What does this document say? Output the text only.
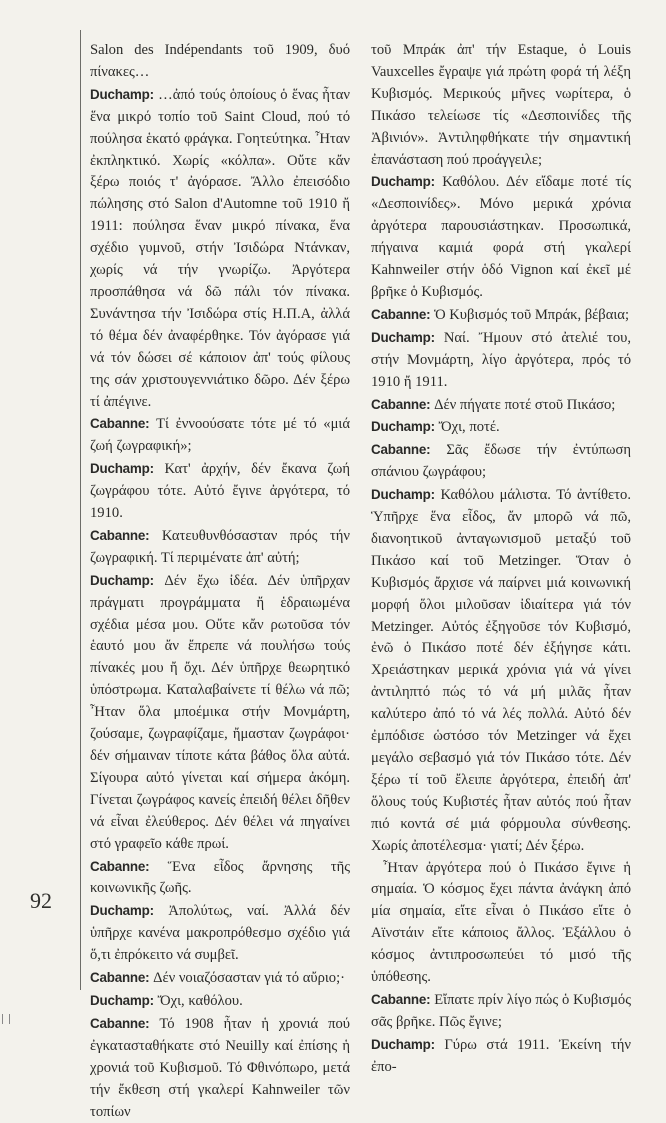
Salon des Indépendants τοῦ 1909, δυό πίνακες…

Duchamp: …ἀπό τούς ὁποίους ὁ ἕνας ἦταν ἕνα μικρό τοπίο τοῦ Saint Cloud, πού τό πούλησα ἑκατό φράγκα. Γοητεύτηκα. Ἦταν ἐκπληκτικό. Χωρίς «κόλπα». Οὔτε κἄν ξέρω ποιός τ' ἀγόρασε. Ἄλλο ἐπεισόδιο πώλησης στό Salon d'Automne τοῦ 1910 ἤ 1911: πούλησα ἕναν μικρό πίνακα, ἕνα σχέδιο γυμνοῦ, στήν Ἰσιδώρα Ντάνκαν, χωρίς νά τήν γνωρίζω. Ἀργότερα προσπάθησα νά δῶ πάλι τόν πίνακα. Συνάντησα τήν Ἰσιδώρα στίς Η.Π.Α, ἀλλά τό θέμα δέν ἀναφέρθηκε. Τόν ἀγόρασε γιά νά τόν δώσει σέ κάποιον ἀπ' τούς φίλους της σάν χριστουγεννιάτικο δῶρο. Δέν ξέρω τί ἀπέγινε.

Cabanne: Τί ἐννοούσατε τότε μέ τό «μιά ζωή ζωγραφική»;

Duchamp: Κατ' ἀρχήν, δέν ἔκανα ζωή ζωγράφου τότε. Αὐτό ἔγινε ἀργότερα, τό 1910.

Cabanne: Κατευθυνθόσασταν πρός τήν ζωγραφική. Τί περιμένατε ἀπ' αὐτή;

Duchamp: Δέν ἔχω ἰδέα. Δέν ὑπῆρχαν πράγματι προγράμματα ἤ ἑδραιωμένα σχέδια μέσα μου. Οὔτε κἄν ρωτοῦσα τόν ἑαυτό μου ἄν ἔπρεπε νά πουλήσω τούς πίνακές μου ἤ ὄχι. Δέν ὑπῆρχε θεωρητικό ὑπόστρωμα. Καταλαβαίνετε τί θέλω νά πῶ; Ἦταν ὅλα μποέμικα στήν Μονμάρτη, ζούσαμε, ζωγραφίζαμε, ἤμασταν ζωγράφοι· δέν σήμαιναν τίποτε κάτα βάθος ὅλα αὐτά. Σίγουρα αὐτό γίνεται καί σήμερα ἀκόμη. Γίνεται ζωγράφος κανείς ἐπειδή θέλει δῆθεν νά εἶναι ἐλεύθερος. Δέν θέλει νά πηγαίνει στό γραφεῖο κάθε πρωί.

Cabanne: Ἕνα εἶδος ἄρνησης τῆς κοινωνικῆς ζωῆς.

Duchamp: Ἀπολύτως, ναί. Ἀλλά δέν ὑπῆρχε κανένα μακροπρόθεσμο σχέδιο γιά ὅ,τι ἐπρόκειτο νά συμβεῖ.

Cabanne: Δέν νοιαζόσασταν γιά τό αὔριο;·

Duchamp: Ὄχι, καθόλου.

Cabanne: Τό 1908 ἦταν ἡ χρονιά πού ἐγκατασταθήκατε στό Neuilly καί ἐπίσης ἡ χρονιά τοῦ Κυβισμοῦ. Τό Φθινόπωρο, μετά τήν ἔκθεση στή γκαλερί Kahnweiler τῶν τοπίων

τοῦ Μπράκ ἀπ' τήν Estaque, ὁ Louis Vauxcelles ἔγραψε γιά πρώτη φορά τή λέξη Κυβισμός. Μερικούς μῆνες νωρίτερα, ὁ Πικάσο τελείωσε τίς «Δεσποινίδες τῆς Ἀβινιόν». Ἀντιληφθήκατε τήν σημαντική ἐπανάσταση πού προάγγειλε;

Duchamp: Καθόλου. Δέν εἴδαμε ποτέ τίς «Δεσποινίδες». Μόνο μερικά χρόνια ἀργότερα παρουσιάστηκαν. Προσωπικά, πήγαινα καμιά φορά στή γκαλερί Kahnweiler στήν ὁδό Vignon καί ἐκεῖ μέ βρῆκε ὁ Κυβισμός.

Cabanne: Ὁ Κυβισμός τοῦ Μπράκ, βέβαια;

Duchamp: Ναί. Ἤμουν στό ἀτελιέ του, στήν Μονμάρτη, λίγο ἀργότερα, πρός τό 1910 ἤ 1911.

Cabanne: Δέν πήγατε ποτέ στοῦ Πικάσο;

Duchamp: Ὄχι, ποτέ.

Cabanne: Σᾶς ἔδωσε τήν ἐντύπωση σπάνιου ζωγράφου;

Duchamp: Καθόλου μάλιστα. Τό ἀντίθετο. Ὑπῆρχε ἕνα εἶδος, ἄν μπορῶ νά πῶ, διανοητικοῦ ἀνταγωνισμοῦ μεταξύ τοῦ Πικάσο καί τοῦ Metzinger. Ὅταν ὁ Κυβισμός ἄρχισε νά παίρνει μιά κοινωνική μορφή ὅλοι μιλοῦσαν ἰδιαίτερα γιά τόν Metzinger. Αὐτός ἐξηγοῦσε τόν Κυβισμό, ἐνῶ ὁ Πικάσο ποτέ δέν ἐξήγησε κάτι. Χρειάστηκαν μερικά χρόνια γιά νά γίνει ἀντιληπτό πώς τό νά μή μιλᾶς ἦταν καλύτερο ἀπό τό νά λές πολλά. Αὐτό δέν ἐμπόδισε ὡστόσο τόν Metzinger νά ἔχει μεγάλο σεβασμό γιά τόν Πικάσο τότε. Δέν ξέρω τί τοῦ ἔλειπε ἀργότερα, ἐπειδή ἀπ' ὅλους τούς Κυβιστές ἦταν αὐτός πού ἦταν πιό κοντά σέ μιά φόρμουλα σύνθεσης. Χωρίς ἀποτέλεσμα· γιατί; Δέν ξέρω.

Ἦταν ἀργότερα πού ὁ Πικάσο ἔγινε ἡ σημαία. Ὁ κόσμος ἔχει πάντα ἀνάγκη ἀπό μία σημαία, εἴτε εἶναι ὁ Πικάσο εἴτε ὁ Αϊνστάιν εἴτε κάποιος ἄλλος. Ἐξάλλου ὁ κόσμος ἀντιπροσωπεύει τό μισό τῆς ὑπόθεσης.

Cabanne: Εἴπατε πρίν λίγο πώς ὁ Κυβισμός σᾶς βρῆκε. Πῶς ἔγινε;

Duchamp: Γύρω στά 1911. Ἐκείνη τήν ἐπο-

92
